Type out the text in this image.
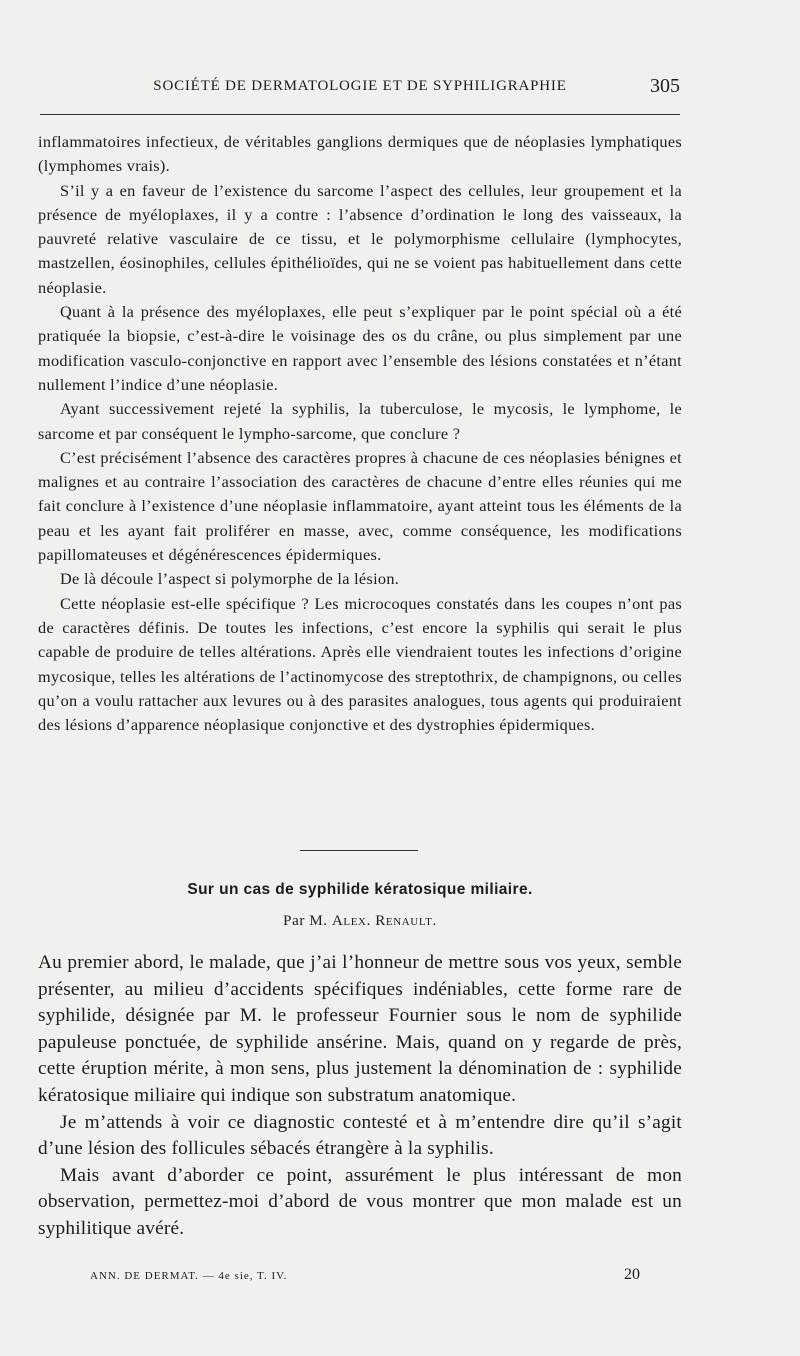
SOCIÉTÉ DE DERMATOLOGIE ET DE SYPHILIGRAPHIE	305

inflammatoires infectieux, de véritables ganglions dermiques que de néoplasies lymphatiques (lymphomes vrais).

S’il y a en faveur de l’existence du sarcome l’aspect des cellules, leur groupement et la présence de myéloplaxes, il y a contre : l’absence d’ordination le long des vaisseaux, la pauvreté relative vasculaire de ce tissu, et le polymorphisme cellulaire (lymphocytes, mastzellen, éosinophiles, cellules épithélioïdes, qui ne se voient pas habituellement dans cette néoplasie.

Quant à la présence des myéloplaxes, elle peut s’expliquer par le point spécial où a été pratiquée la biopsie, c’est-à-dire le voisinage des os du crâne, ou plus simplement par une modification vasculo-conjonctive en rapport avec l’ensemble des lésions constatées et n’étant nullement l’indice d’une néoplasie.

Ayant successivement rejeté la syphilis, la tuberculose, le mycosis, le lymphome, le sarcome et par conséquent le lympho-sarcome, que conclure ?

C’est précisément l’absence des caractères propres à chacune de ces néoplasies bénignes et malignes et au contraire l’association des caractères de chacune d’entre elles réunies qui me fait conclure à l’existence d’une néoplasie inflammatoire, ayant atteint tous les éléments de la peau et les ayant fait proliférer en masse, avec, comme conséquence, les modifications papillomateuses et dégénérescences épidermiques.

De là découle l’aspect si polymorphe de la lésion.

Cette néoplasie est-elle spécifique ? Les microcoques constatés dans les coupes n’ont pas de caractères définis. De toutes les infections, c’est encore la syphilis qui serait le plus capable de produire de telles altérations. Après elle viendraient toutes les infections d’origine mycosique, telles les altérations de l’actinomycose des streptothrix, de champignons, ou celles qu’on a voulu rattacher aux levures ou à des parasites analogues, tous agents qui produiraient des lésions d’apparence néoplasique conjonctive et des dystrophies épidermiques.

Sur un cas de syphilide kératosique miliaire.
Par M. Alex. Renault.

Au premier abord, le malade, que j’ai l’honneur de mettre sous vos yeux, semble présenter, au milieu d’accidents spécifiques indéniables, cette forme rare de syphilide, désignée par M. le professeur Fournier sous le nom de syphilide papuleuse ponctuée, de syphilide ansérine. Mais, quand on y regarde de près, cette éruption mérite, à mon sens, plus justement la dénomination de : syphilide kératosique miliaire qui indique son substratum anatomique.

Je m’attends à voir ce diagnostic contesté et à m’entendre dire qu’il s’agit d’une lésion des follicules sébacés étrangère à la syphilis.

Mais avant d’aborder ce point, assurément le plus intéressant de mon observation, permettez-moi d’abord de vous montrer que mon malade est un syphilitique avéré.

ANN. DE DERMAT. — 4e sie, T. IV.	20
